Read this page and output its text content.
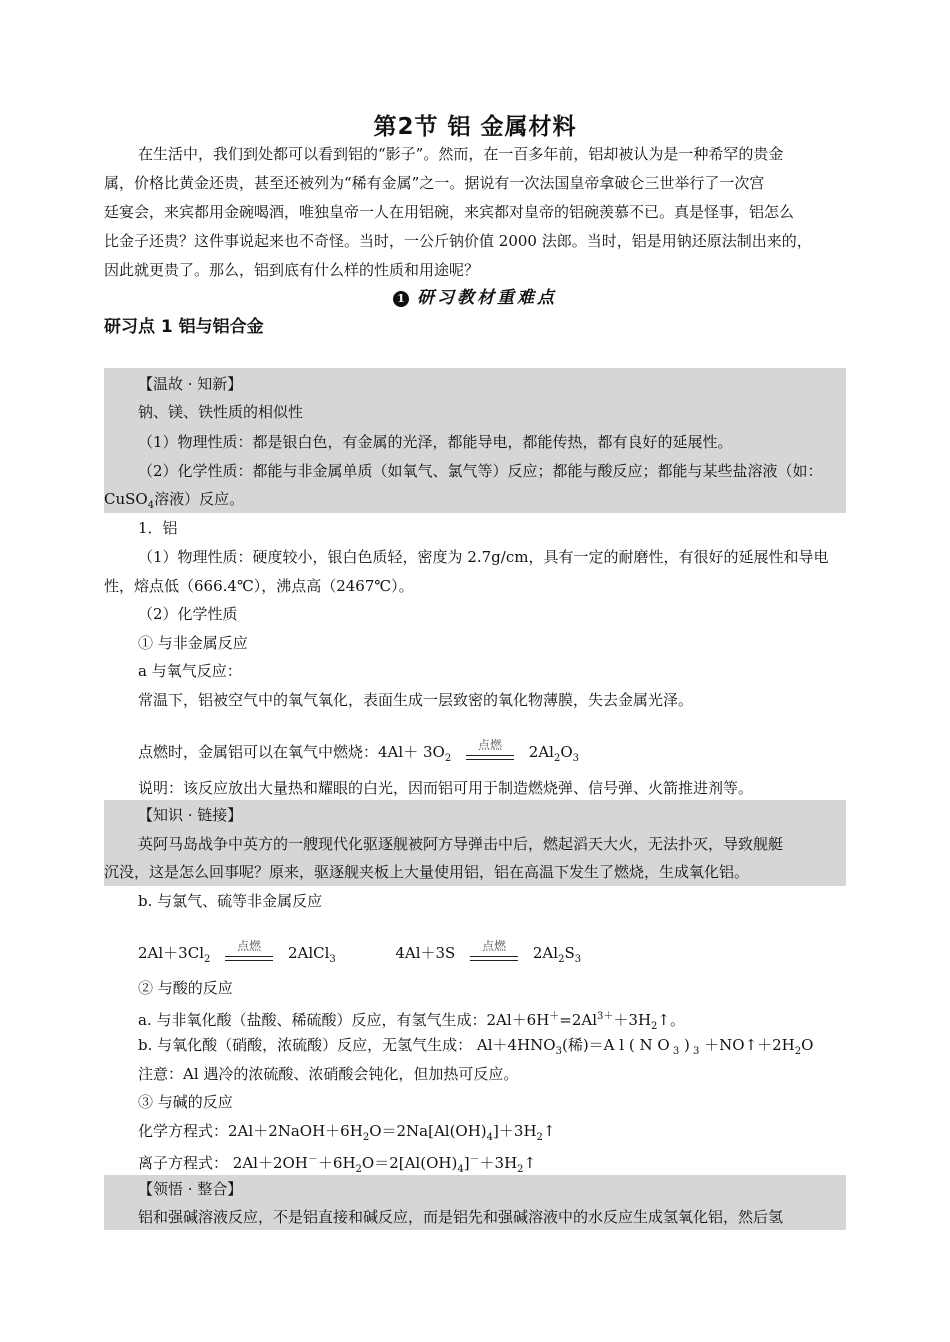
第2节 铝 金属材料
在生活中，我们到处都可以看到铝的“影子”。然而，在一百多年前，铝却被认为是一种希罕的贵金
属，价格比黄金还贵，甚至还被列为“稀有金属”之一。据说有一次法国皇帝拿破仑三世举行了一次宫
廷宴会，来宾都用金碗喝酒，唯独皇帝一人在用铝碗，来宾都对皇帝的铝碗羡慕不已。真是怪事，铝怎么
比金子还贵？这件事说起来也不奇怪。当时，一公斤钠价值 2000 法郎。当时，铝是用钠还原法制出来的，
因此就更贵了。那么，铝到底有什么样的性质和用途呢？
1 研习教材重难点
研习点 1 铝与铝合金
【温故 · 知新】
钠、镁、铁性质的相似性
（1）物理性质：都是银白色，有金属的光泽，都能导电，都能传热，都有良好的延展性。
（2）化学性质：都能与非金属单质（如氧气、氯气等）反应；都能与酸反应；都能与某些盐溶液（如：
CuSO$_4$溶液）反应。
1．铝
（1）物理性质：硬度较小，银白色质轻，密度为 2.7g/cm，具有一定的耐磨性，有很好的延展性和导电
性，熔点低（666.4℃），沸点高（2467℃）。
（2）化学性质
① 与非金属反应
a 与氧气反应：
常温下，铝被空气中的氧气氧化，表面生成一层致密的氧化物薄膜，失去金属光泽。
点燃时，金属铝可以在氧气中燃烧：$4Al+ 3O_2$
点燃	$2Al_2O_3$
说明：该反应放出大量热和耀眼的白光，因而铝可用于制造燃烧弹、信号弹、火箭推进剂等。
【知识 · 链接】
英阿马岛战争中英方的一艘现代化驱逐舰被阿方导弹击中后，燃起滔天大火，无法扑灭，导致舰艇
沉没，这是怎么回事呢？原来，驱逐舰夹板上大量使用铝，铝在高温下发生了燃烧，生成氧化铝。
b. 与氯气、硫等非金属反应
$2Al+3Cl_2$
点燃	2AlCl$_3$	4Al＋3S	点燃	$2Al_2S_3$
② 与酸的反应
a. 与非氧化酸（盐酸、稀硫酸）反应，有氢气生成：$2Al+6H^+=2Al^{3+}+3H_2↑$。
b. 与氧化酸（硝酸，浓硫酸）反应，无氢气生成： $Al+4HNO_3$(稀)＝A l ( N O $_3$ ) $_3 +NO↑+2H_2O$
注意：Al 遇冷的浓硫酸、浓硝酸会钝化，但加热可反应。
③ 与碱的反应
化学方程式：$2Al+2NaOH+6H_2O=2Na[Al(OH)_4]+3H_2↑$
离子方程式： $2Al+2OH^-+6H_2O=2[Al(OH)_4]^-+3H_2↑$
【领悟 · 整合】
铝和强碱溶液反应，不是铝直接和碱反应，而是铝先和强碱溶液中的水反应生成氢氧化铝，然后氢
